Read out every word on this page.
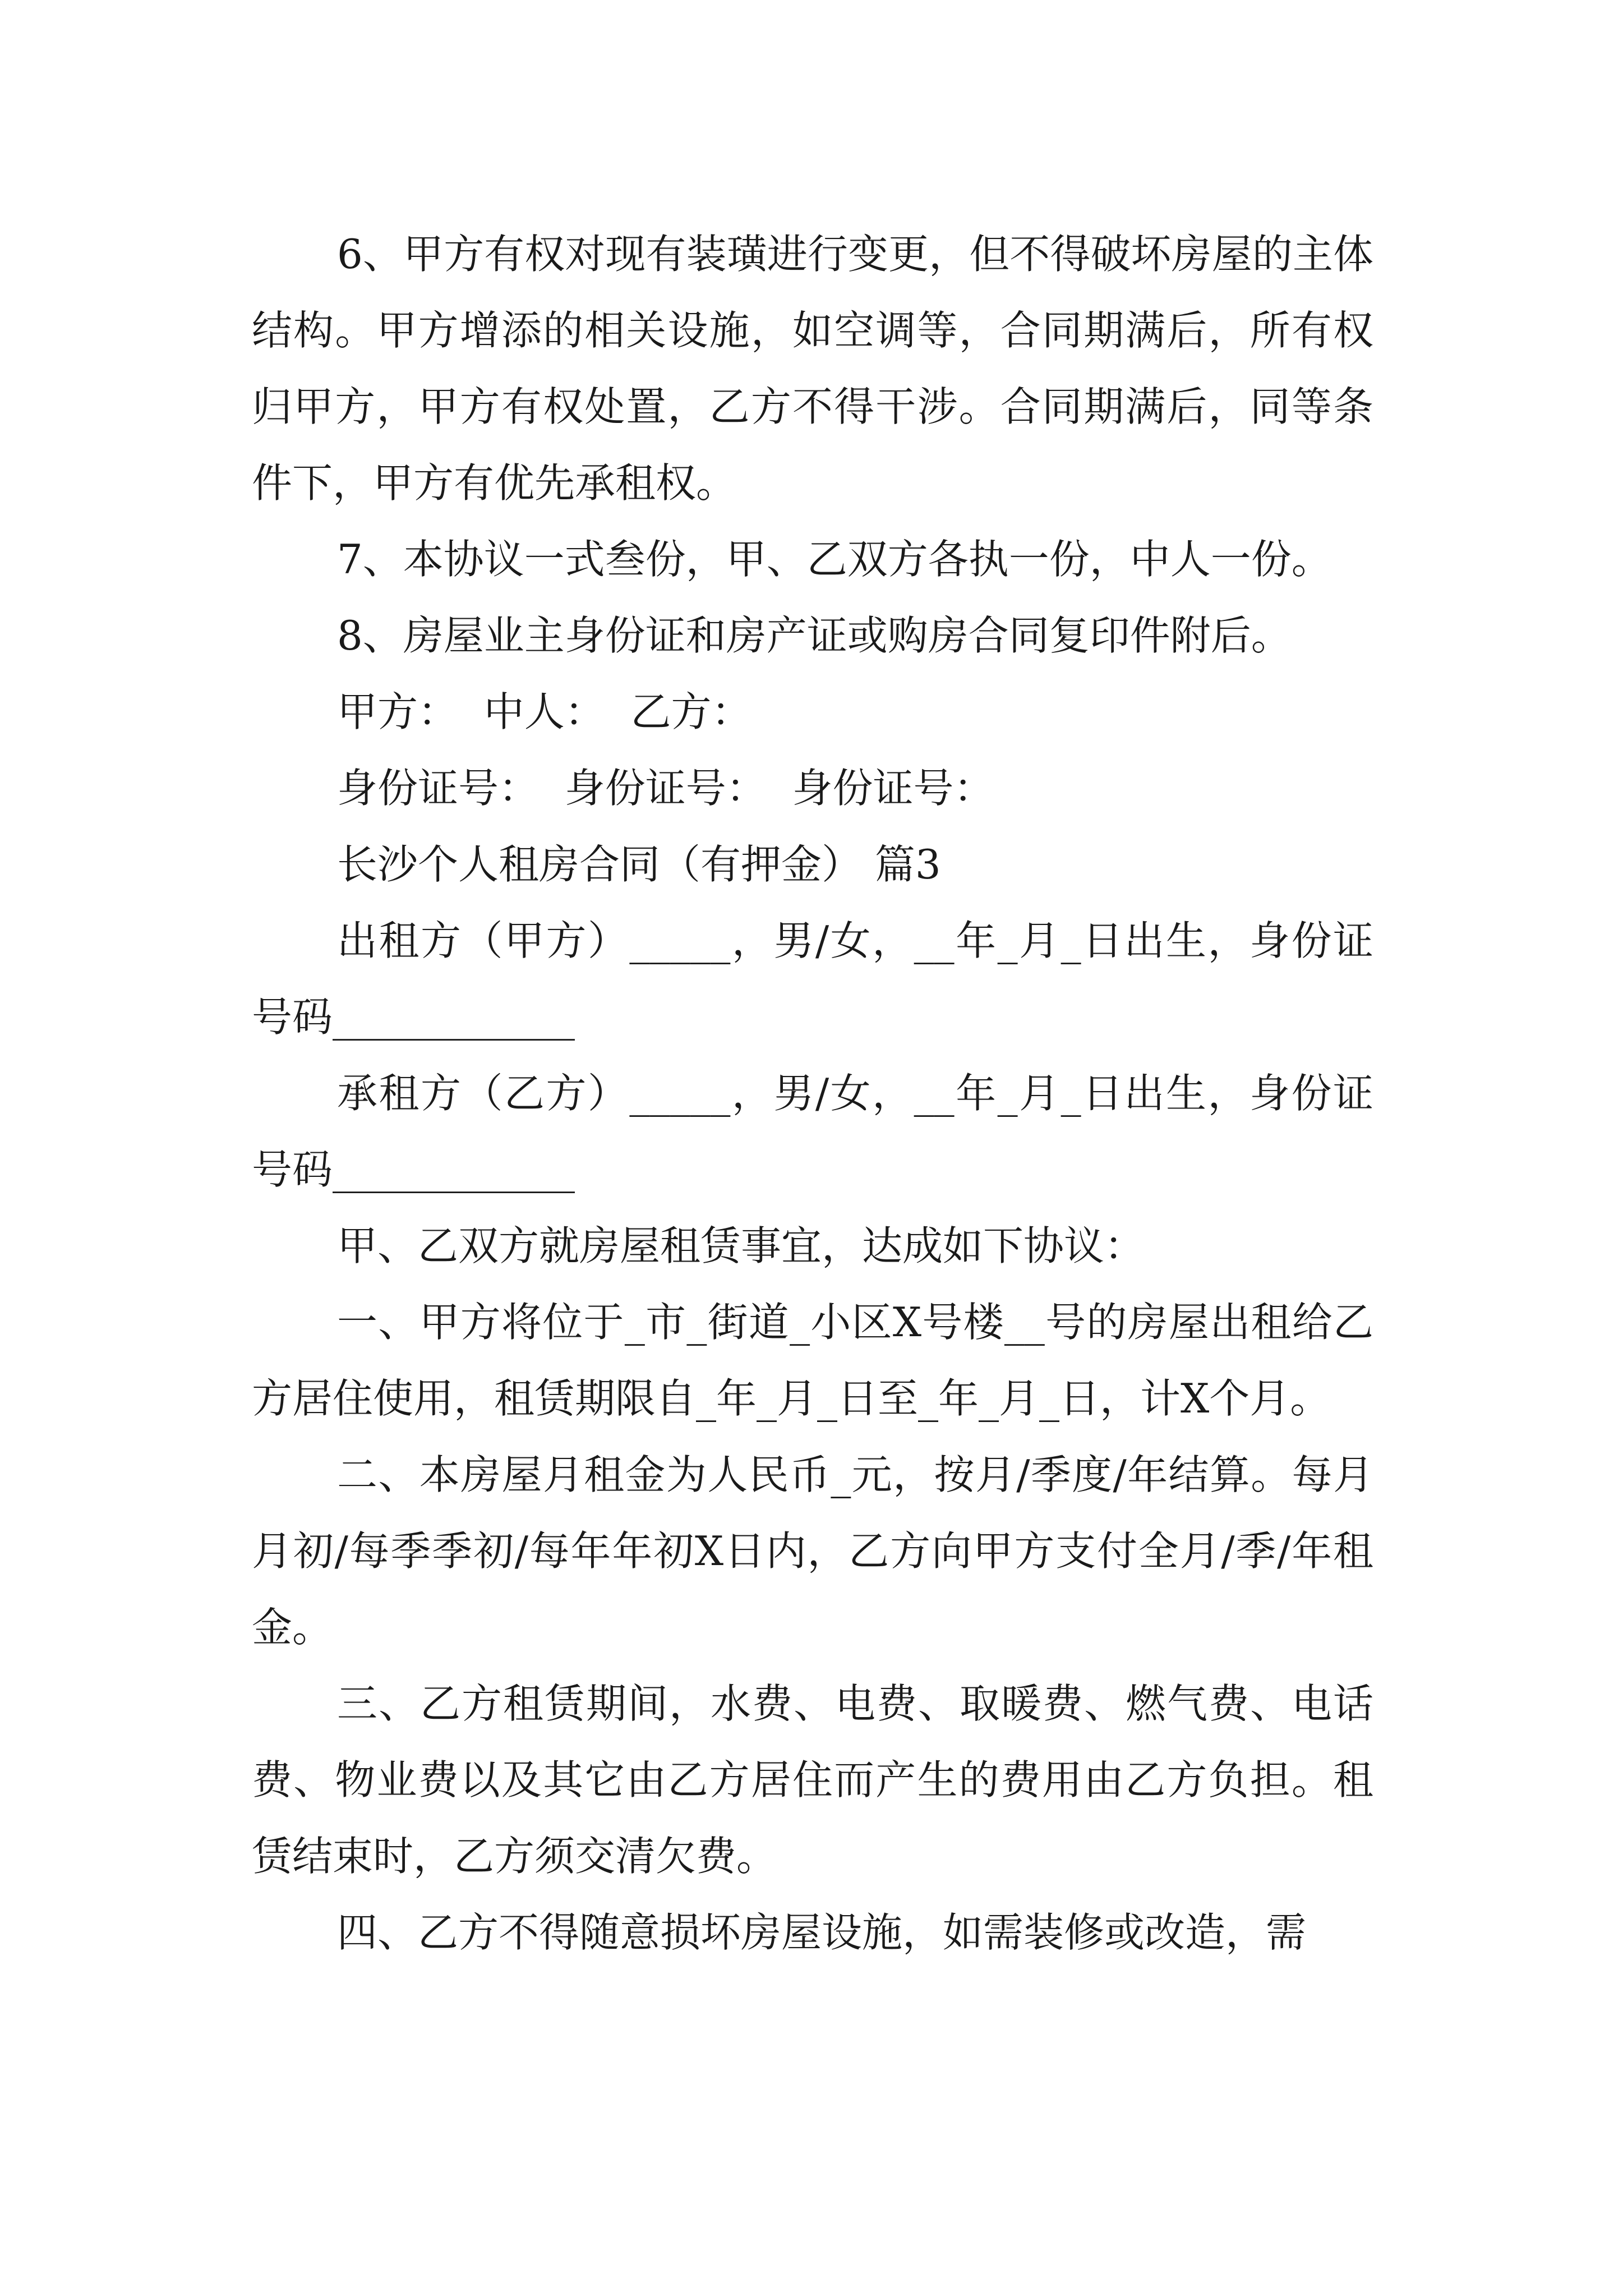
6、甲方有权对现有装璜进行变更，但不得破坏房屋的主体结构。甲方增添的相关设施，如空调等，合同期满后，所有权归甲方，甲方有权处置，乙方不得干涉。合同期满后，同等条件下，甲方有优先承租权。

7、本协议一式叁份，甲、乙双方各执一份，中人一份。

8、房屋业主身份证和房产证或购房合同复印件附后。

甲方：  中人：  乙方：

身份证号：  身份证号：  身份证号：

长沙个人租房合同（有押金） 篇3

出租方（甲方）_____，男/女，__年_月_日出生，身份证号码____________

承租方（乙方）_____，男/女，__年_月_日出生，身份证号码____________

甲、乙双方就房屋租赁事宜，达成如下协议：

一、甲方将位于_市_街道_小区X号楼__号的房屋出租给乙方居住使用，租赁期限自_年_月_日至_年_月_日，计X个月。

二、本房屋月租金为人民币_元，按月/季度/年结算。每月月初/每季季初/每年年初X日内，乙方向甲方支付全月/季/年租金。

三、乙方租赁期间，水费、电费、取暖费、燃气费、电话费、物业费以及其它由乙方居住而产生的费用由乙方负担。租赁结束时，乙方须交清欠费。

四、乙方不得随意损坏房屋设施，如需装修或改造，需
